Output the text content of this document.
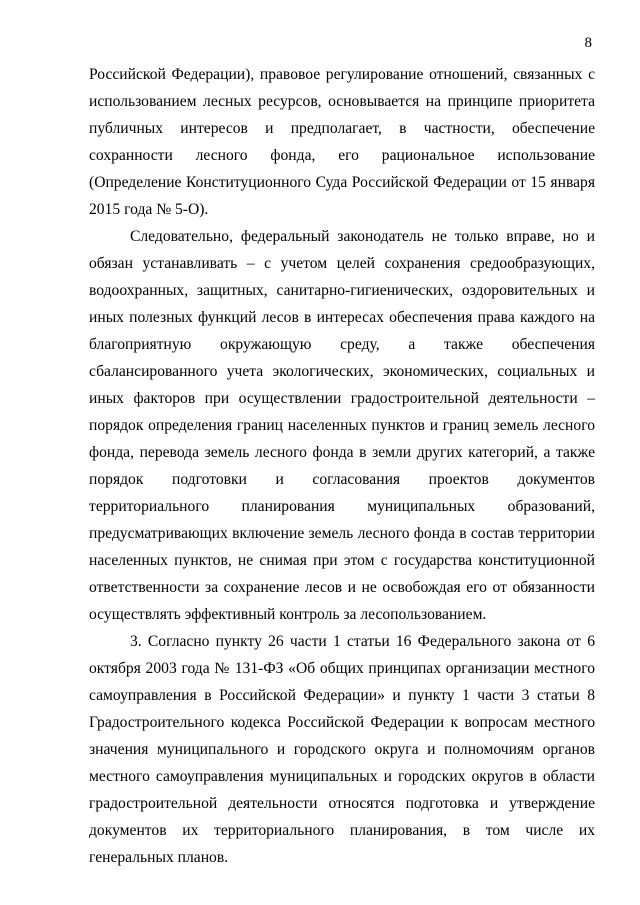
8

Российской Федерации), правовое регулирование отношений, связанных с использованием лесных ресурсов, основывается на принципе приоритета публичных интересов и предполагает, в частности, обеспечение сохранности лесного фонда, его рациональное использование (Определение Конституционного Суда Российской Федерации от 15 января 2015 года № 5-О).

Следовательно, федеральный законодатель не только вправе, но и обязан устанавливать – с учетом целей сохранения средообразующих, водоохранных, защитных, санитарно-гигиенических, оздоровительных и иных полезных функций лесов в интересах обеспечения права каждого на благоприятную окружающую среду, а также обеспечения сбалансированного учета экологических, экономических, социальных и иных факторов при осуществлении градостроительной деятельности – порядок определения границ населенных пунктов и границ земель лесного фонда, перевода земель лесного фонда в земли других категорий, а также порядок подготовки и согласования проектов документов территориального планирования муниципальных образований, предусматривающих включение земель лесного фонда в состав территории населенных пунктов, не снимая при этом с государства конституционной ответственности за сохранение лесов и не освобождая его от обязанности осуществлять эффективный контроль за лесопользованием.

3. Согласно пункту 26 части 1 статьи 16 Федерального закона от 6 октября 2003 года № 131-ФЗ «Об общих принципах организации местного самоуправления в Российской Федерации» и пункту 1 части 3 статьи 8 Градостроительного кодекса Российской Федерации к вопросам местного значения муниципального и городского округа и полномочиям органов местного самоуправления муниципальных и городских округов в области градостроительной деятельности относятся подготовка и утверждение документов их территориального планирования, в том числе их генеральных планов.
